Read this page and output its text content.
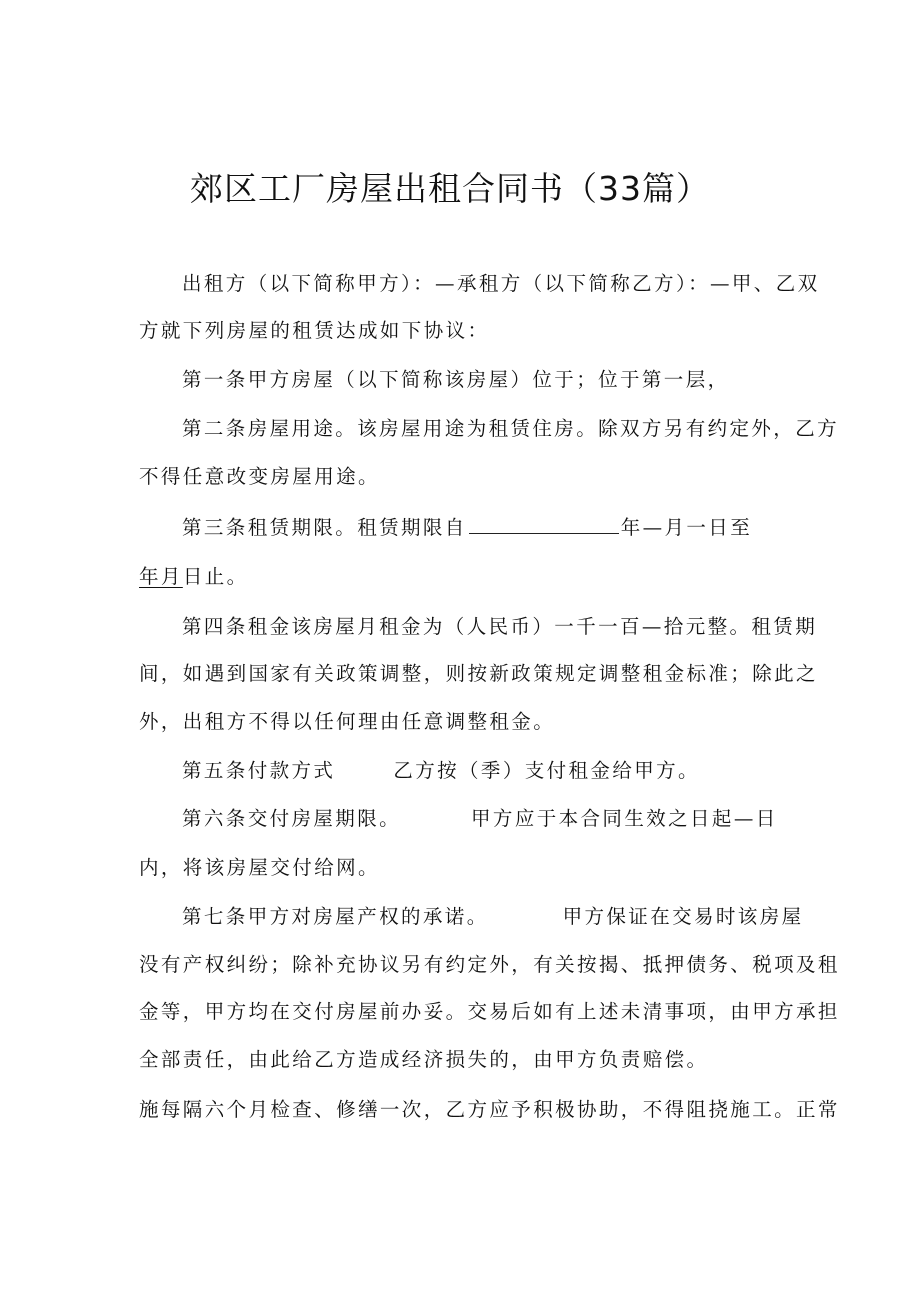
郊区工厂房屋出租合同书（33篇）
出租方（以下简称甲方）：—承租方（以下简称乙方）：—甲、乙双
方就下列房屋的租赁达成如下协议：
第一条甲方房屋（以下简称该房屋）位于；位于第一层，
第二条房屋用途。该房屋用途为租赁住房。除双方另有约定外，乙方
不得任意改变房屋用途。
第三条租赁期限。租赁期限自	年—月一日至
年月日止。
第四条租金该房屋月租金为（人民币）一千一百—拾元整。租赁期
间，如遇到国家有关政策调整，则按新政策规定调整租金标准；除此之
外，出租方不得以任何理由任意调整租金。
第五条付款方式	乙方按（季）支付租金给甲方。
第六条交付房屋期限。	甲方应于本合同生效之日起—日
内，将该房屋交付给网。
第七条甲方对房屋产权的承诺。	甲方保证在交易时该房屋
没有产权纠纷；除补充协议另有约定外，有关按揭、抵押债务、税项及租
金等，甲方均在交付房屋前办妥。交易后如有上述未清事项，由甲方承担
全部责任，由此给乙方造成经济损失的，由甲方负责赔偿。
施每隔六个月检查、修缮一次，乙方应予积极协助，不得阻挠施工。正常
